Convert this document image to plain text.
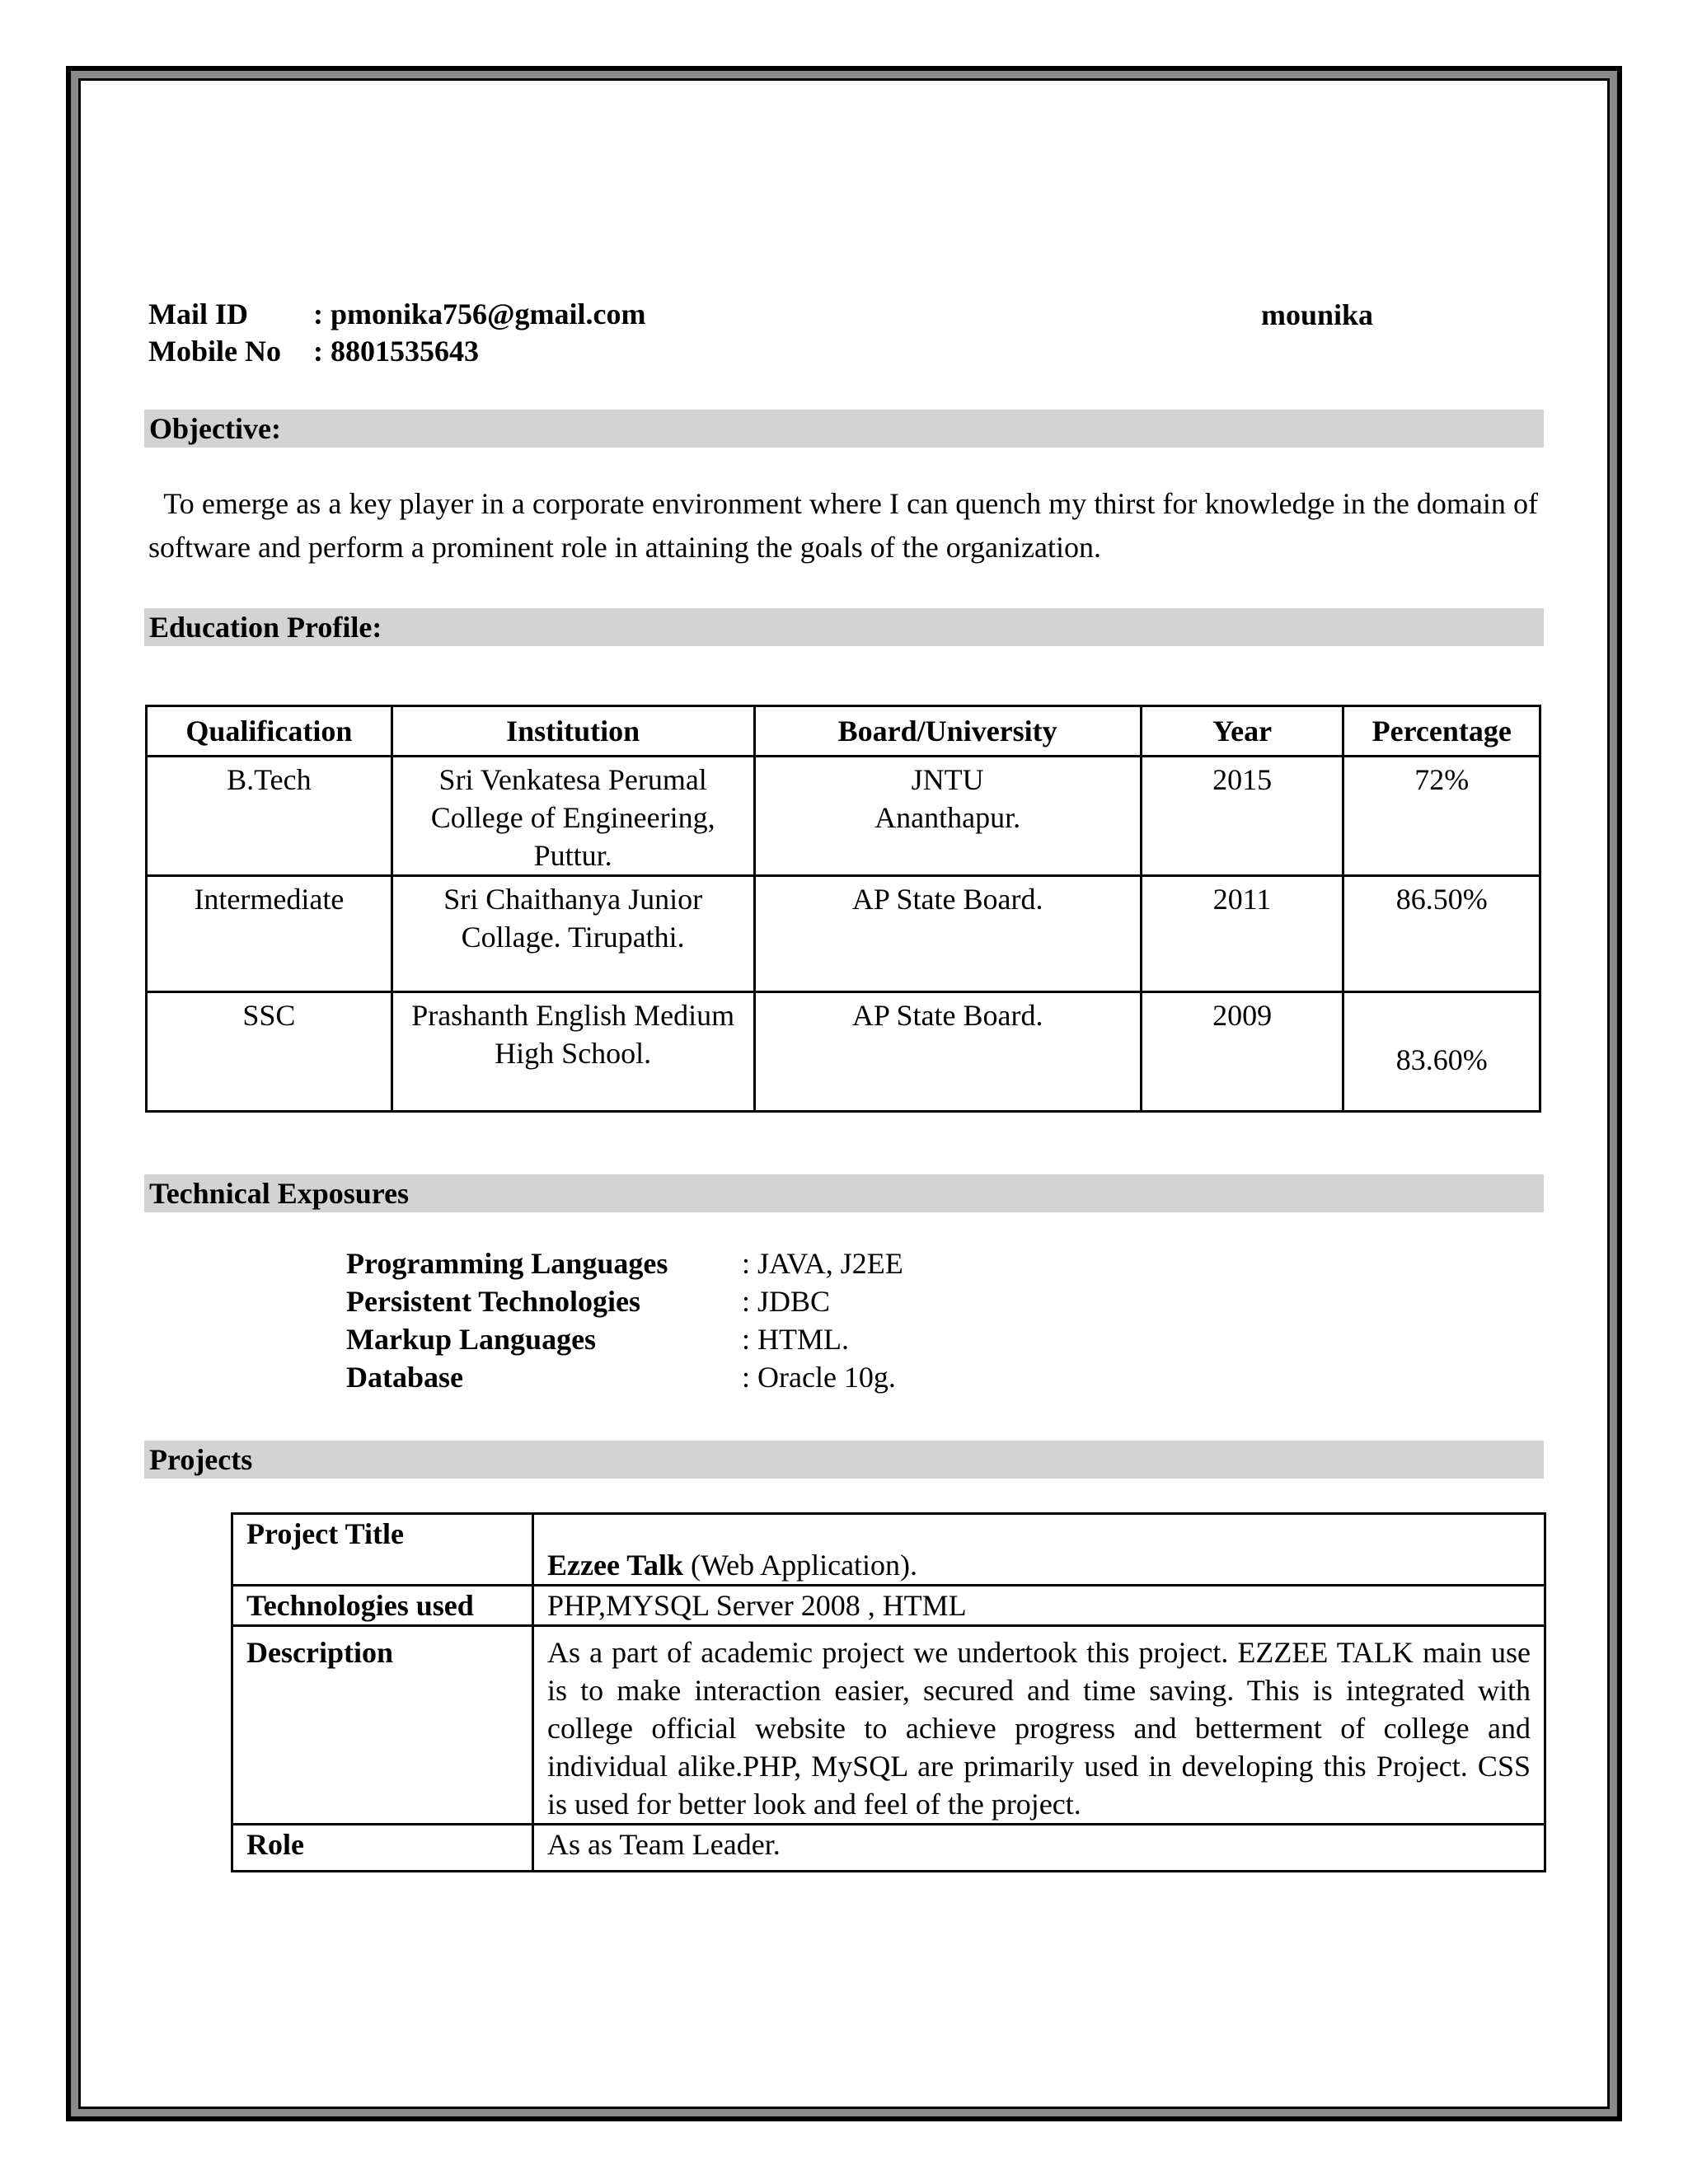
Mail ID : pmonika756@gmail.com
Mobile No : 8801535643
mounika
Objective:
To emerge as a key player in a corporate environment where I can quench my thirst for knowledge in the domain of software and perform a prominent role in attaining the goals of the organization.
Education Profile:
Qualification	Institution	Board/University	Year	Percentage
B.Tech	Sri Venkatesa Perumal College of Engineering, Puttur.	JNTU Ananthapur.	2015	72%
Intermediate	Sri Chaithanya Junior Collage. Tirupathi.	AP State Board.	2011	86.50%
SSC	Prashanth English Medium High School.	AP State Board.	2009	83.60%
Technical Exposures
Programming Languages : JAVA, J2EE
Persistent Technologies	: JDBC
Markup Languages	: HTML.
Database	: Oracle 10g.
Projects
Project Title	Ezzee Talk (Web Application).
Technologies used	PHP,MYSQL Server 2008 , HTML
Description	As a part of academic project we undertook this project. EZZEE TALK main use is to make interaction easier, secured and time saving. This is integrated with college official website to achieve progress and betterment of college and individual alike.PHP, MySQL are primarily used in developing this Project. CSS is used for better look and feel of the project.
Role	As as Team Leader.
